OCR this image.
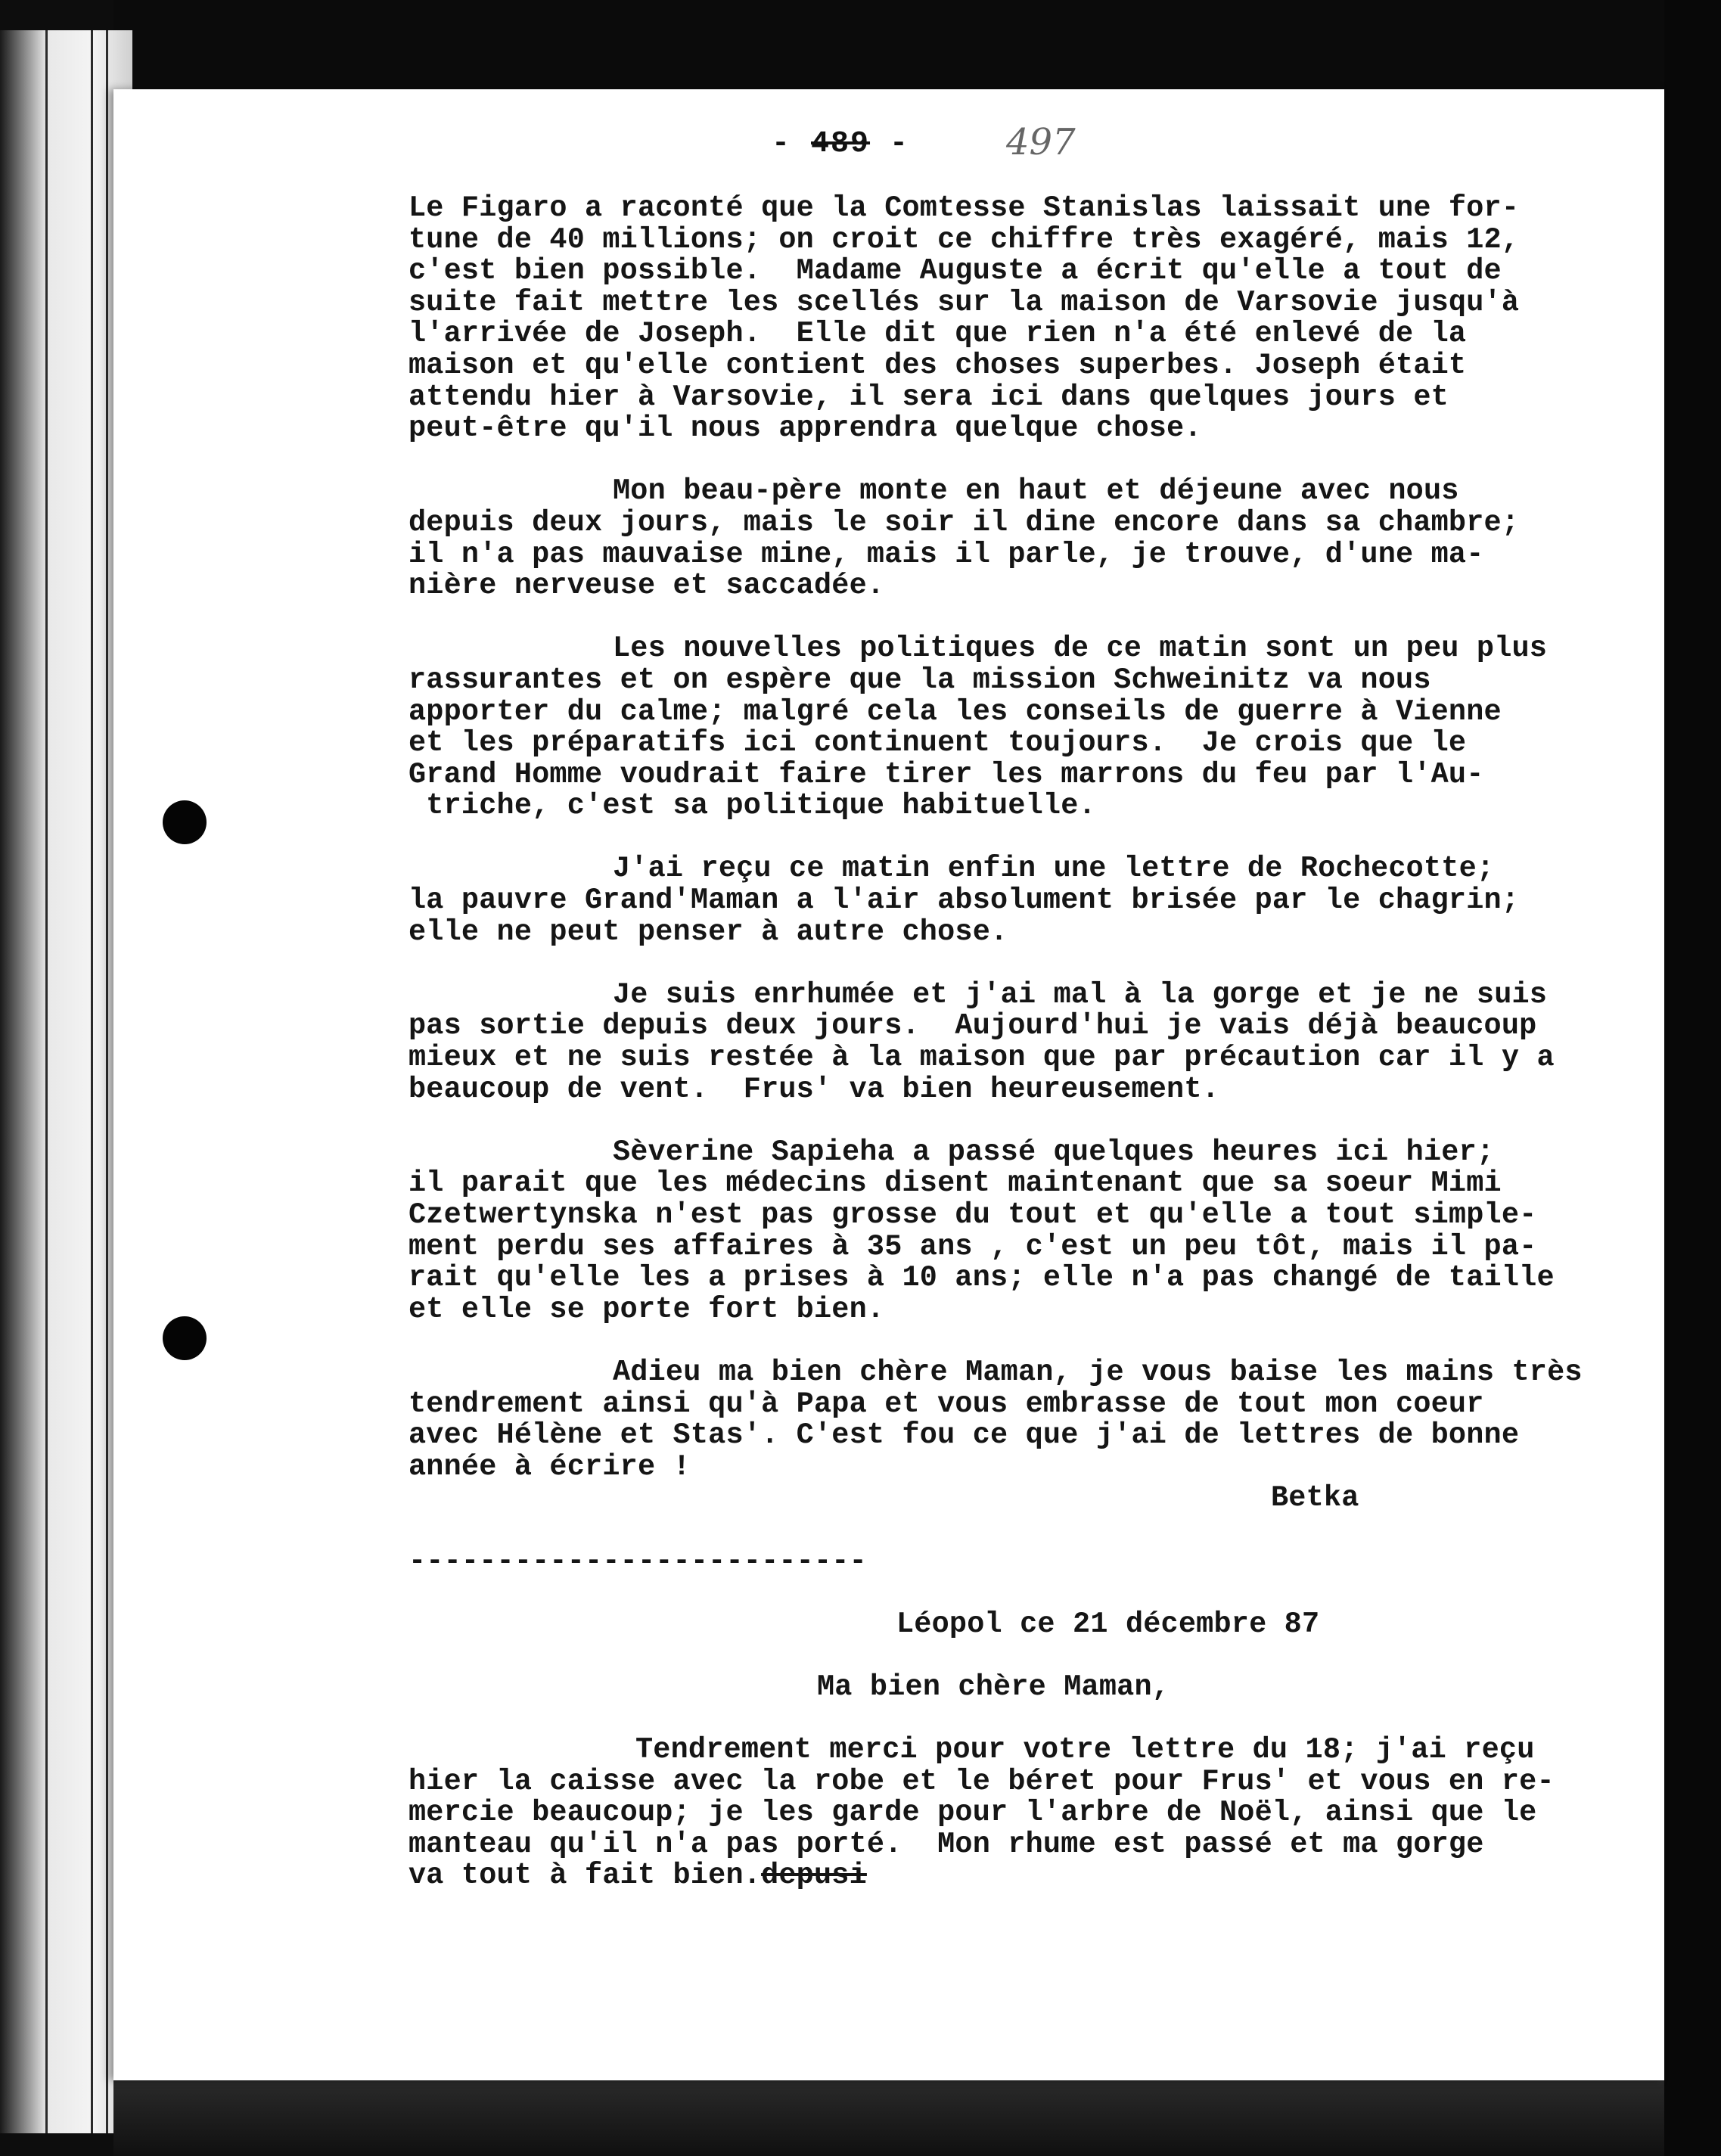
- 489 -	497
Le Figaro a raconté que la Comtesse Stanislas laissait une for-
tune de 40 millions; on croit ce chiffre très exagéré, mais 12,
c'est bien possible.  Madame Auguste a écrit qu'elle a tout de
suite fait mettre les scellés sur la maison de Varsovie jusqu'à
l'arrivée de Joseph.  Elle dit que rien n'a été enlevé de la
maison et qu'elle contient des choses superbes. Joseph était
attendu hier à Varsovie, il sera ici dans quelques jours et
peut-être qu'il nous apprendra quelque chose.
Mon beau-père monte en haut et déjeune avec nous
depuis deux jours, mais le soir il dine encore dans sa chambre;
il n'a pas mauvaise mine, mais il parle, je trouve, d'une ma-
nière nerveuse et saccadée.
Les nouvelles politiques de ce matin sont un peu plus
rassurantes et on espère que la mission Schweinitz va nous
apporter du calme; malgré cela les conseils de guerre à Vienne
et les préparatifs ici continuent toujours.  Je crois que le
Grand Homme voudrait faire tirer les marrons du feu par l'Au-
triche, c'est sa politique habituelle.
J'ai reçu ce matin enfin une lettre de Rochecotte;
la pauvre Grand'Maman a l'air absolument brisée par le chagrin;
elle ne peut penser à autre chose.
Je suis enrhumée et j'ai mal à la gorge et je ne suis
pas sortie depuis deux jours.  Aujourd'hui je vais déjà beaucoup
mieux et ne suis restée à la maison que par précaution car il y a
beaucoup de vent.  Frus' va bien heureusement.
Sèverine Sapieha a passé quelques heures ici hier;
il parait que les médecins disent maintenant que sa soeur Mimi
Czetwertynska n'est pas grosse du tout et qu'elle a tout simple-
ment perdu ses affaires à 35 ans , c'est un peu tôt, mais il pa-
rait qu'elle les a prises à 10 ans; elle n'a pas changé de taille
et elle se porte fort bien.
Adieu ma bien chère Maman, je vous baise les mains très
tendrement ainsi qu'à Papa et vous embrasse de tout mon coeur
avec Hélène et Stas'. C'est fou ce que j'ai de lettres de bonne
année à écrire !
Betka
--------------------------
Léopol ce 21 décembre 87
Ma bien chère Maman,
Tendrement merci pour votre lettre du 18; j'ai reçu
hier la caisse avec la robe et le béret pour Frus' et vous en re-
mercie beaucoup; je les garde pour l'arbre de Noël, ainsi que le
manteau qu'il n'a pas porté.  Mon rhume est passé et ma gorge
va tout à fait bien.depusi
